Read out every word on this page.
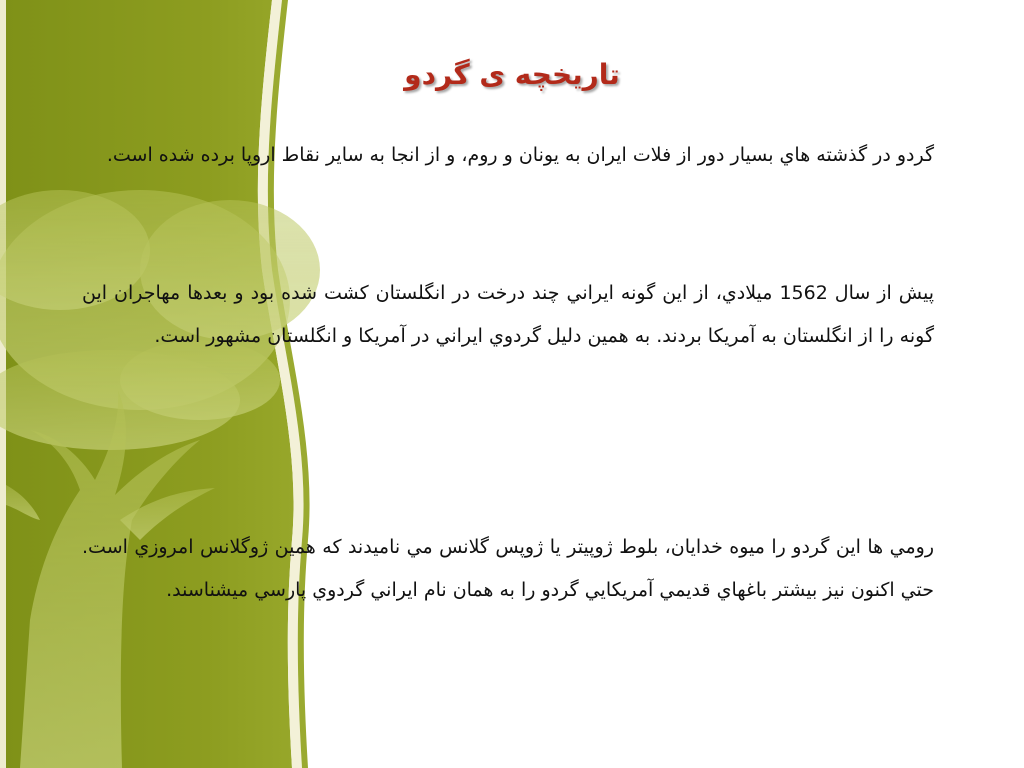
تاريخچه ی گردو
گردو در گذشته هاي بسيار دور از فلات ايران به يونان و روم، و از انجا به ساير نقاط اروپا برده شده است.
پيش از سال 1562 ميلادي، از اين گونه ايراني چند درخت در انگلستان كشت شده بود و بعدها مهاجران اين گونه را از انگلستان به آمريكا بردند. به همين دليل گردوي ايراني در آمريكا و انگلستان مشهور است.
رومي ها اين گردو را ميوه خدايان، بلوط ژوپيتر يا ژوپس گلانس مي ناميدند كه همين ژوگلانس امروزي است. حتي اكنون نيز بيشتر باغهاي قديمي آمريكايي گردو را به همان نام ايراني گردوي پارسي ميشناسند.
